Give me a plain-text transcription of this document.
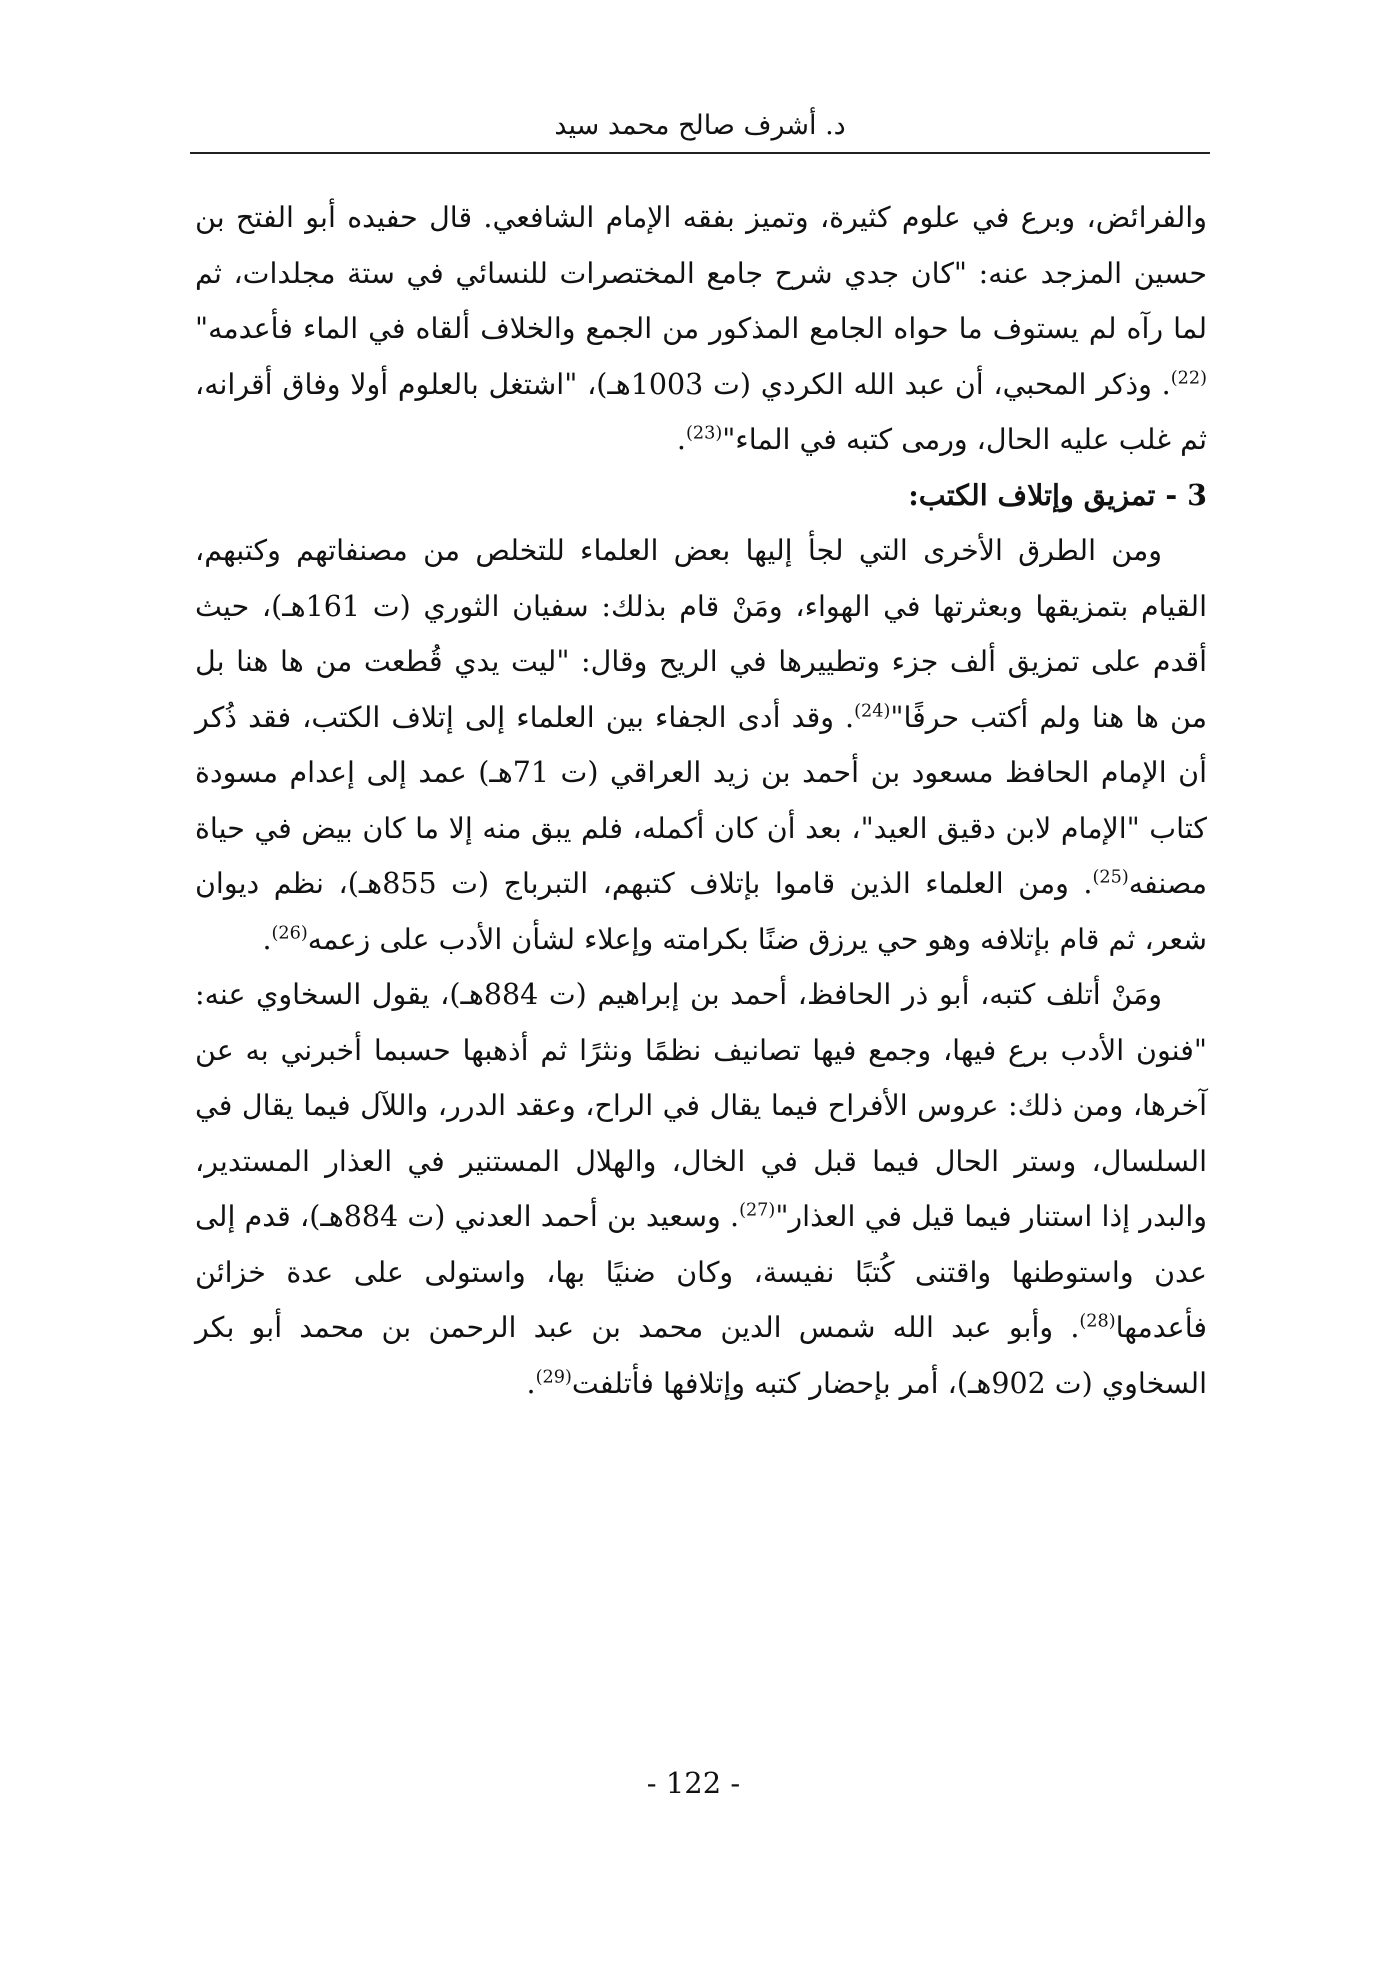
د. أشرف صالح محمد سيد

والفرائض، وبرع في علوم كثيرة، وتميز بفقه الإمام الشافعي. قال حفيده أبو الفتح بن حسين المزجد عنه: "كان جدي شرح جامع المختصرات للنسائي في ستة مجلدات، ثم لما رآه لم يستوف ما حواه الجامع المذكور من الجمع والخلاف ألقاه في الماء فأعدمه"$^{(22)}$. وذكر المحبي، أن عبد الله الكردي (ت 1003هـ)، "اشتغل بالعلوم أولا وفاق أقرانه، ثم غلب عليه الحال، ورمى كتبه في الماء"$^{(23)}$.

3 - تمزيق وإتلاف الكتب:

ومن الطرق الأخرى التي لجأ إليها بعض العلماء للتخلص من مصنفاتهم وكتبهم، القيام بتمزيقها وبعثرتها في الهواء، ومَنْ قام بذلك: سفيان الثوري (ت 161هـ)، حيث أقدم على تمزيق ألف جزء وتطييرها في الريح وقال: "ليت يدي قُطعت من ها هنا بل من ها هنا ولم أكتب حرفًا"$^{(24)}$. وقد أدى الجفاء بين العلماء إلى إتلاف الكتب، فقد ذُكر أن الإمام الحافظ مسعود بن أحمد بن زيد العراقي (ت 71هـ) عمد إلى إعدام مسودة كتاب "الإمام لابن دقيق العيد"، بعد أن كان أكمله، فلم يبق منه إلا ما كان بيض في حياة مصنفه$^{(25)}$. ومن العلماء الذين قاموا بإتلاف كتبهم، التبرباج (ت 855هـ)، نظم ديوان شعر، ثم قام بإتلافه وهو حي يرزق ضنًا بكرامته وإعلاء لشأن الأدب على زعمه$^{(26)}$.

ومَنْ أتلف كتبه، أبو ذر الحافظ، أحمد بن إبراهيم (ت 884هـ)، يقول السخاوي عنه: "فنون الأدب برع فيها، وجمع فيها تصانيف نظمًا ونثرًا ثم أذهبها حسبما أخبرني به عن آخرها، ومن ذلك: عروس الأفراح فيما يقال في الراح، وعقد الدرر، واللآل فيما يقال في السلسال، وستر الحال فيما قبل في الخال، والهلال المستنير في العذار المستدير، والبدر إذا استنار فيما قيل في العذار"$^{(27)}$. وسعيد بن أحمد العدني (ت 884هـ)، قدم إلى عدن واستوطنها واقتنى كُتبًا نفيسة، وكان ضنيًا بها، واستولى على عدة خزائن فأعدمها$^{(28)}$. وأبو عبد الله شمس الدين محمد بن عبد الرحمن بن محمد أبو بكر السخاوي (ت 902هـ)، أمر بإحضار كتبه وإتلافها فأتلفت$^{(29)}$.

- 122 -
